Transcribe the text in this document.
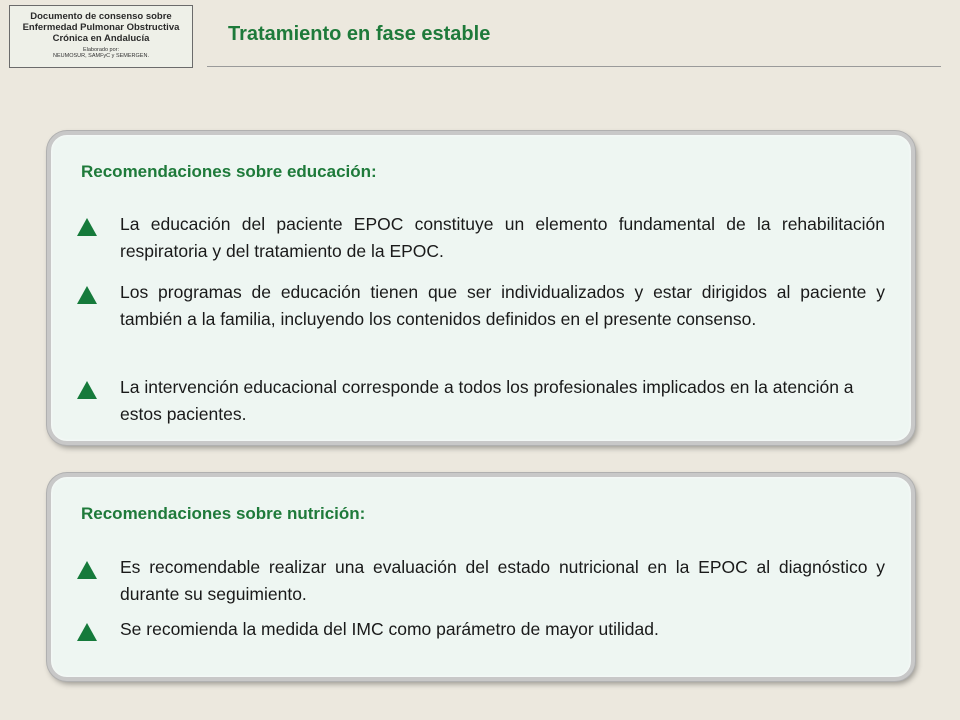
Documento de consenso sobre
Enfermedad Pulmonar Obstructiva
Crónica en Andalucía
Elaborado por:
NEUMOSUR, SAMFyC y SEMERGEN.
Tratamiento en fase estable
Recomendaciones sobre educación:
La educación del paciente EPOC constituye un elemento fundamental de la rehabilitación respiratoria y del tratamiento de la EPOC.
Los programas de educación tienen que ser individualizados y estar dirigidos al paciente y también a la familia, incluyendo los contenidos definidos en el presente consenso.
La intervención educacional corresponde a todos los profesionales implicados en la atención a estos pacientes.
Recomendaciones sobre nutrición:
Es recomendable realizar una evaluación del estado nutricional en la EPOC al diagnóstico y durante su seguimiento.
Se recomienda la medida del IMC como parámetro de mayor utilidad.
